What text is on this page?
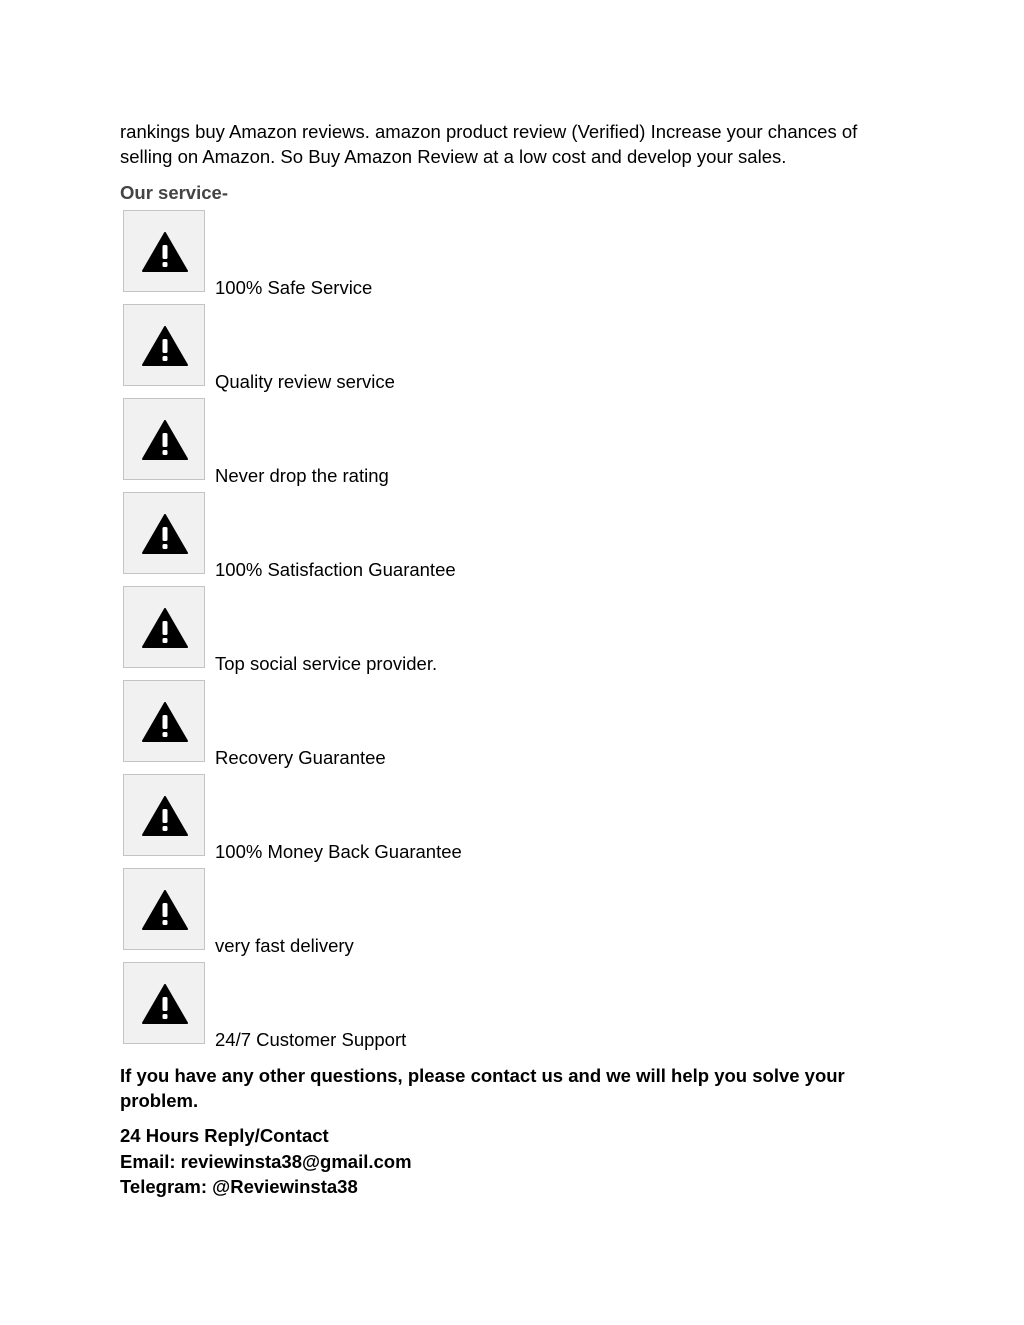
rankings buy Amazon reviews. amazon product review (Verified) Increase your chances of selling on Amazon. So Buy Amazon Review at a low cost and develop your sales.

Our service-

100% Safe Service
Quality review service
Never drop the rating
100% Satisfaction Guarantee
Top social service provider.
Recovery Guarantee
100% Money Back Guarantee
very fast delivery
24/7 Customer Support

If you have any other questions, please contact us and we will help you solve your problem.

24 Hours Reply/Contact
Email: reviewinsta38@gmail.com
Telegram: @Reviewinsta38
